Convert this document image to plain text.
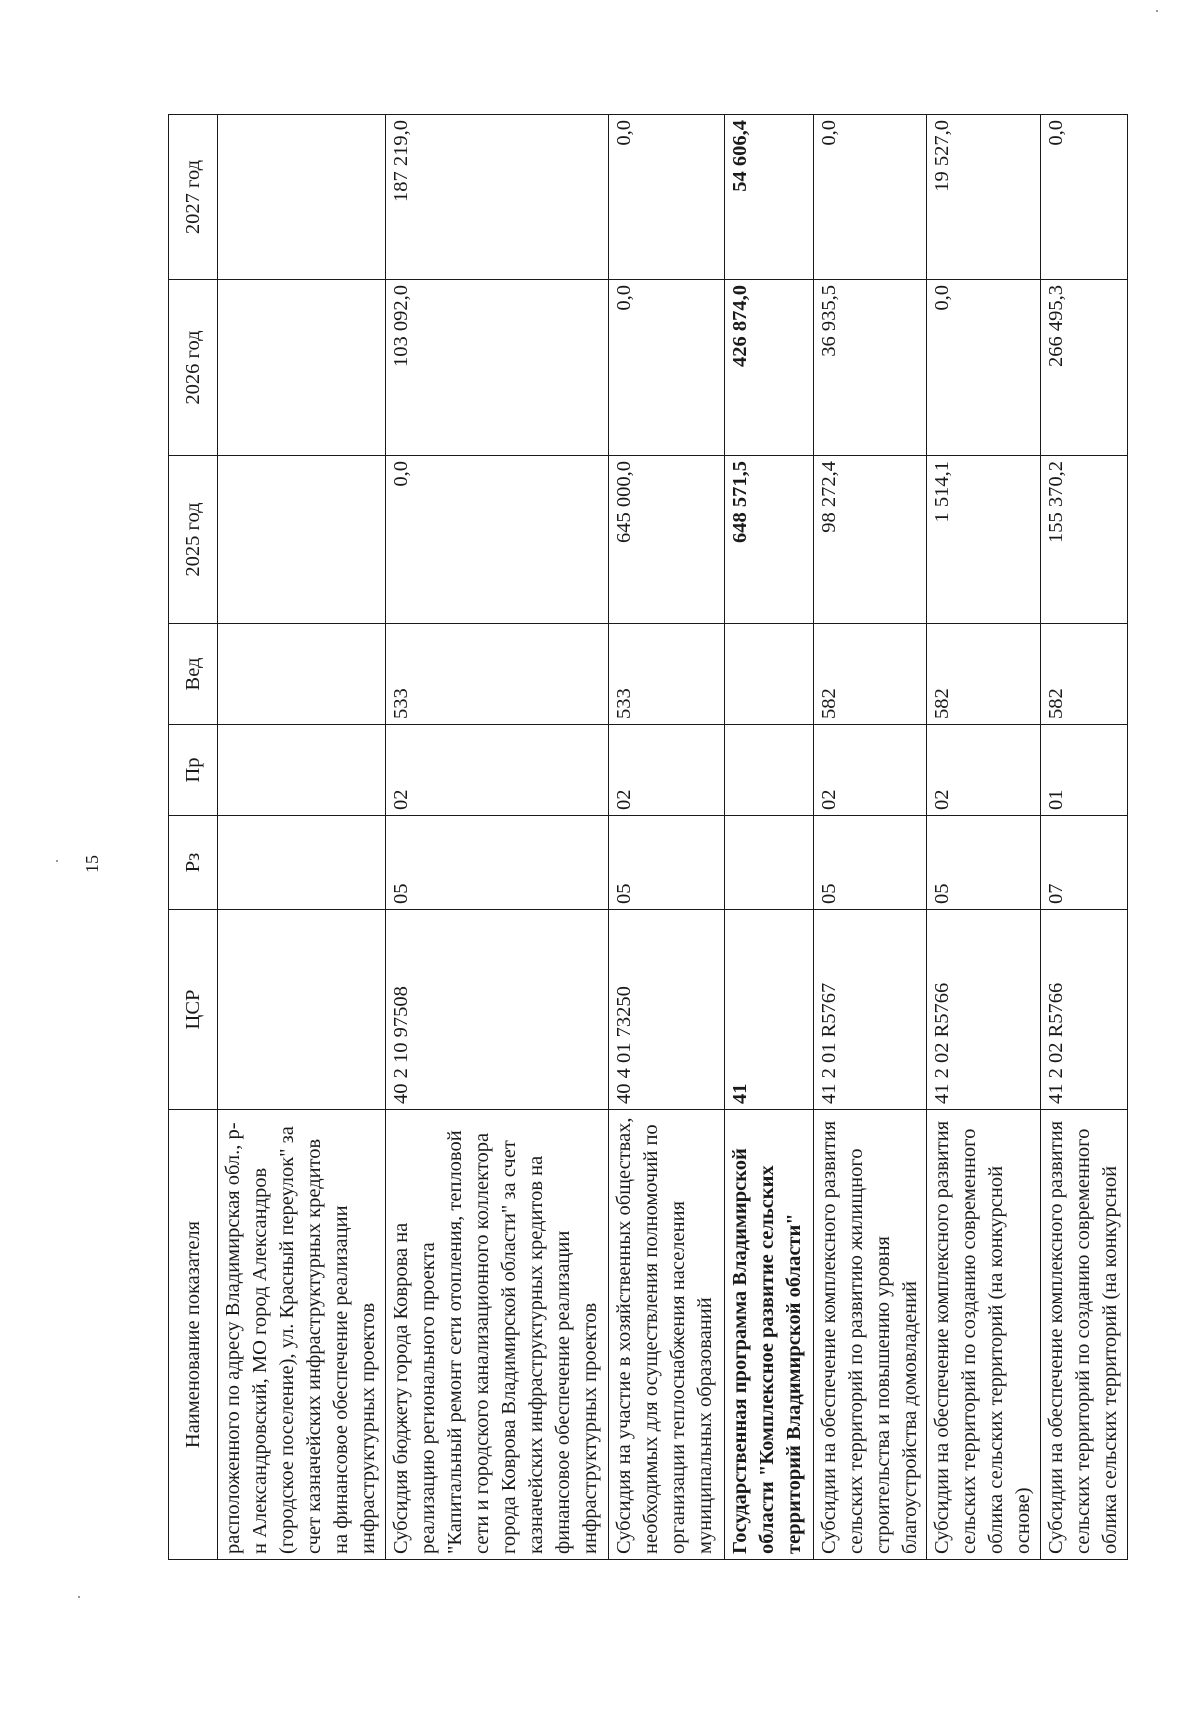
15
Наименование показателя	ЦСР	Рз	Пр	Вед	2025 год	2026 год	2027 год
расположенного по адресу Владимирская обл., р-н Александровский, МО город Александров (городское поселение), ул. Красный переулок" за счет казначейских инфраструктурных кредитов на финансовое обеспечение реализации инфраструктурных проектов							
Субсидия бюджету города Коврова на реализацию регионального проекта "Капитальный ремонт сети отопления, тепловой сети и городского канализационного коллектора города Коврова Владимирской области" за счет казначейских инфраструктурных кредитов на финансовое обеспечение реализации инфраструктурных проектов	40 2 10 97508	05	02	533	0,0	103 092,0	187 219,0
Субсидия на участие в хозяйственных обществах, необходимых для осуществления полномочий по организации теплоснабжения населения муниципальных образований	40 4 01 73250	05	02	533	645 000,0	0,0	0,0
Государственная программа Владимирской области "Комплексное развитие сельских территорий Владимирской области"	41				648 571,5	426 874,0	54 606,4
Субсидии на обеспечение комплексного развития сельских территорий по развитию жилищного строительства и повышению уровня благоустройства домовладений	41 2 01 R5767	05	02	582	98 272,4	36 935,5	0,0
Субсидии на обеспечение комплексного развития сельских территорий по созданию современного облика сельских территорий (на конкурсной основе)	41 2 02 R5766	05	02	582	1 514,1	0,0	19 527,0
Субсидии на обеспечение комплексного развития сельских территорий по созданию современного облика сельских территорий (на конкурсной	41 2 02 R5766	07	01	582	155 370,2	266 495,3	0,0
